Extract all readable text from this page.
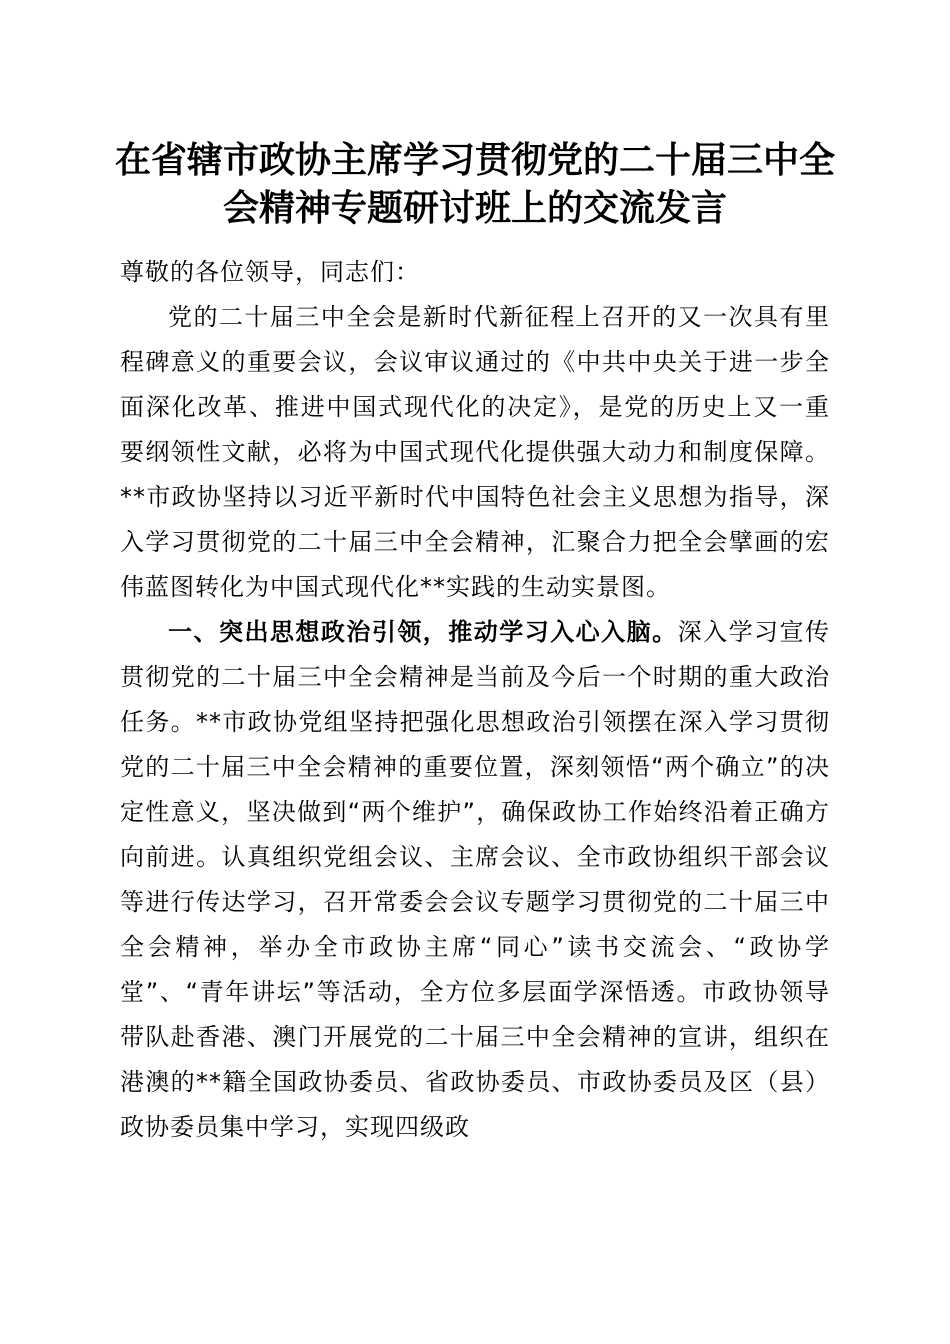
在省辖市政协主席学习贯彻党的二十届三中全
会精神专题研讨班上的交流发言

尊敬的各位领导，同志们：

党的二十届三中全会是新时代新征程上召开的又一次具有里程碑意义的重要会议，会议审议通过的《中共中央关于进一步全面深化改革、推进中国式现代化的决定》，是党的历史上又一重要纲领性文献，必将为中国式现代化提供强大动力和制度保障。**市政协坚持以习近平新时代中国特色社会主义思想为指导，深入学习贯彻党的二十届三中全会精神，汇聚合力把全会擘画的宏伟蓝图转化为中国式现代化**实践的生动实景图。

一、突出思想政治引领，推动学习入心入脑。深入学习宣传贯彻党的二十届三中全会精神是当前及今后一个时期的重大政治任务。**市政协党组坚持把强化思想政治引领摆在深入学习贯彻党的二十届三中全会精神的重要位置，深刻领悟“两个确立”的决定性意义，坚决做到“两个维护”，确保政协工作始终沿着正确方向前进。认真组织党组会议、主席会议、全市政协组织干部会议等进行传达学习，召开常委会会议专题学习贯彻党的二十届三中全会精神，举办全市政协主席“同心”读书交流会、“政协学堂”、“青年讲坛”等活动，全方位多层面学深悟透。市政协领导带队赴香港、澳门开展党的二十届三中全会精神的宣讲，组织在港澳的**籍全国政协委员、省政协委员、市政协委员及区（县）政协委员集中学习，实现四级政
